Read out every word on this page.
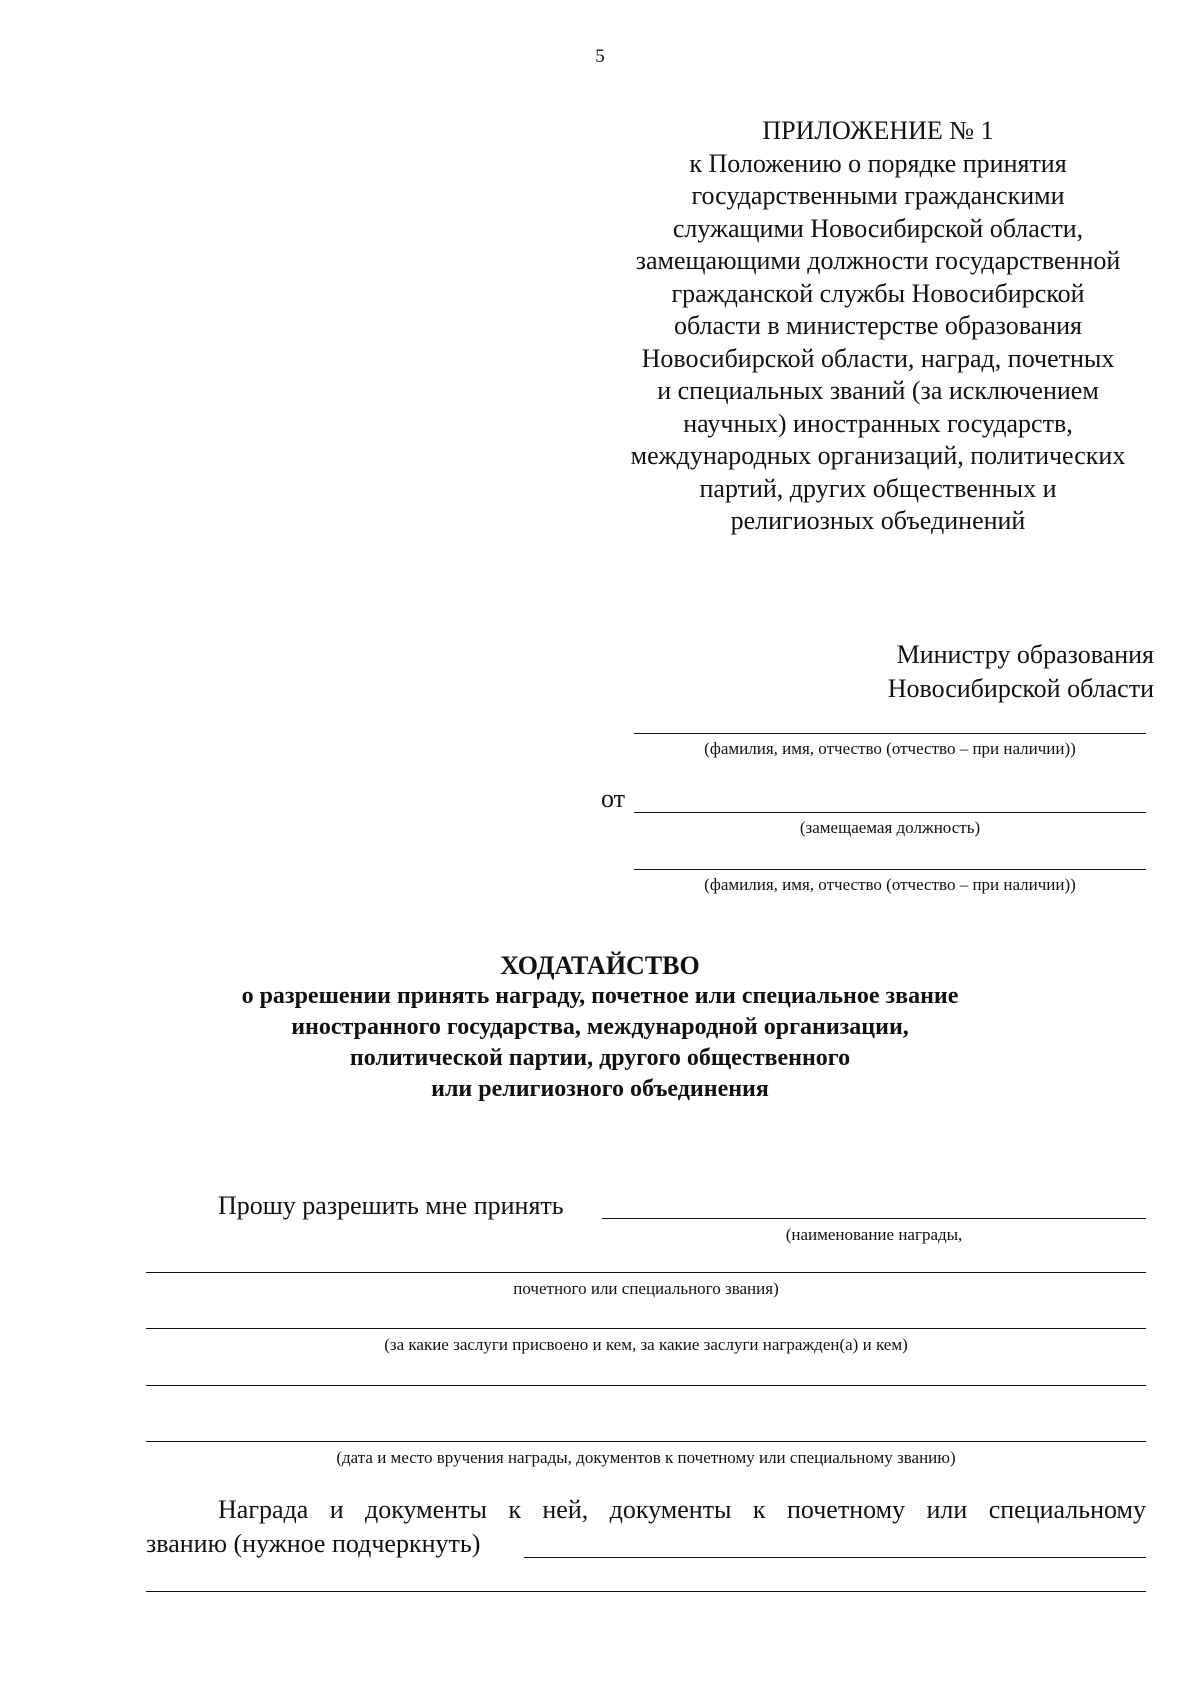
5
ПРИЛОЖЕНИЕ № 1
к Положению о порядке принятия
государственными гражданскими
служащими Новосибирской области,
замещающими должности государственной
гражданской службы Новосибирской
области в министерстве образования
Новосибирской области, наград, почетных
и специальных званий (за исключением
научных) иностранных государств,
международных организаций, политических
партий, других общественных и
религиозных объединений
Министру образования
Новосибирской области
(фамилия, имя, отчество (отчество – при наличии))
от
(замещаемая должность)
(фамилия, имя, отчество (отчество – при наличии))
ХОДАТАЙСТВО
о разрешении принять награду, почетное или специальное звание
иностранного государства, международной организации,
политической партии, другого общественного
или религиозного объединения
Прошу разрешить мне принять
(наименование награды,
почетного или специального звания)
(за какие заслуги присвоено и кем, за какие заслуги награжден(а) и кем)
(дата и место вручения награды, документов к почетному или специальному званию)
Награда и документы к ней, документы к почетному или специальному
званию (нужное подчеркнуть)
